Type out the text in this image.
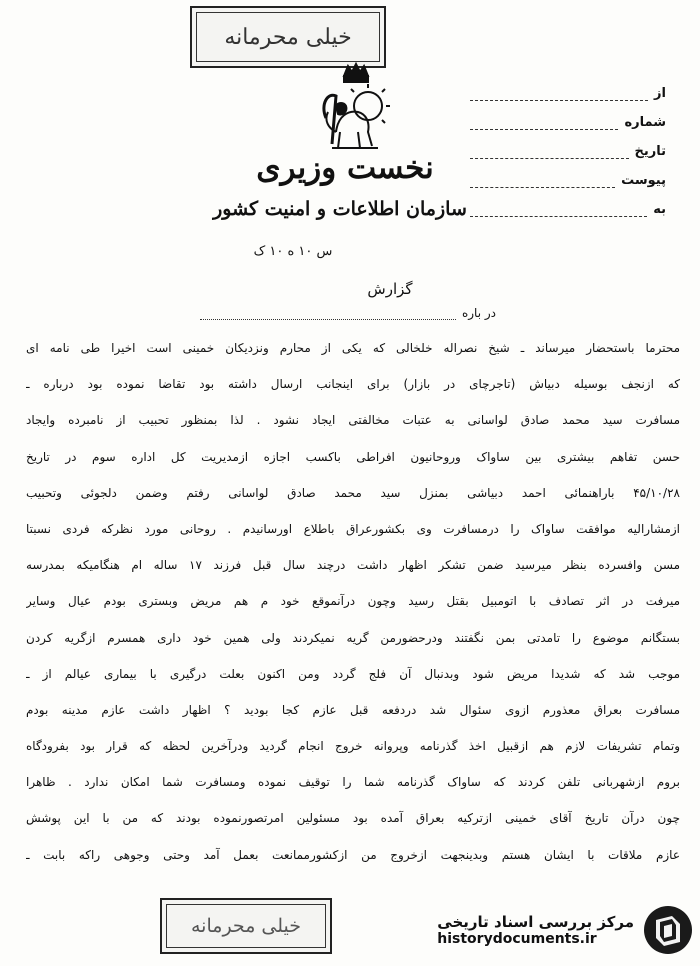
خیلی محرمانه
نخست وزیری
سازمان اطلاعات و امنیت کشور
س ۱۰ ه ۱۰ ک
از
شماره
تاریخ
پیوست
به
گزارش
در باره
محترما باستحضار میرساند ـ شیخ نصراله خلخالی که یکی از محارم ونزدیکان خمینی است اخیرا طی نامه ای
که ازنجف بوسیله دبیاش (تاجرچای در بازار) برای اینجانب ارسال داشته بود تقاضا نموده بود درباره ـ
مسافرت سید محمد صادق لواسانی به عتبات مخالفتی ایجاد نشود . لذا بمنظور تحبیب از نامبرده وایجاد
حسن تفاهم بیشتری بین ساواک وروحانیون افراطی باکسب اجازه ازمدیریت کل اداره سوم در تاریخ
۴۵/۱۰/۲۸ باراهنمائی احمد دبیاشی بمنزل سید محمد صادق لواسانی رفتم وضمن دلجوئی وتحبیب
ازمشارالیه موافقت ساواک را درمسافرت وی بکشورعراق باطلاع اورسانیدم . روحانی مورد نظرکه فردی نسبتا
مسن وافسرده بنظر میرسید ضمن تشکر اظهار داشت درچند سال قبل فرزند ۱۷ ساله ام هنگامیکه بمدرسه
میرفت در اثر تصادف با اتومبیل بقتل رسید وچون درآنموقع خود م هم مریض وبستری بودم عیال وسایر
بستگانم موضوع را تامدتی بمن نگفتند ودرحضورمن گریه نمیکردند ولی همین خود داری همسرم ازگریه کردن
موجب شد که شدیدا مریض شود وبدنبال آن فلج گردد ومن اکنون بعلت درگیری با بیماری عیالم از ـ
مسافرت بعراق معذورم ازوی سئوال شد دردفعه قبل عازم کجا بودید ؟ اظهار داشت عازم مدینه بودم
وتمام تشریفات لازم هم ازقبیل اخذ گذرنامه وپروانه خروج انجام گردید ودرآخرین لحظه که قرار بود بفرودگاه
بروم ازشهربانی تلفن کردند که ساواک گذرنامه شما را توقیف نموده ومسافرت شما امکان ندارد . ظاهرا
چون درآن تاریخ آقای خمینی ازترکیه بعراق آمده بود مسئولین امرتصورنموده بودند که من با این پوشش
عازم ملاقات با ایشان هستم وبدینجهت ازخروج من ازکشورممانعت بعمل آمد وحتی وجوهی راکه بابت ـ
خیلی محرمانه	مرکز بررسی اسناد تاریخی
historydocuments.ir
